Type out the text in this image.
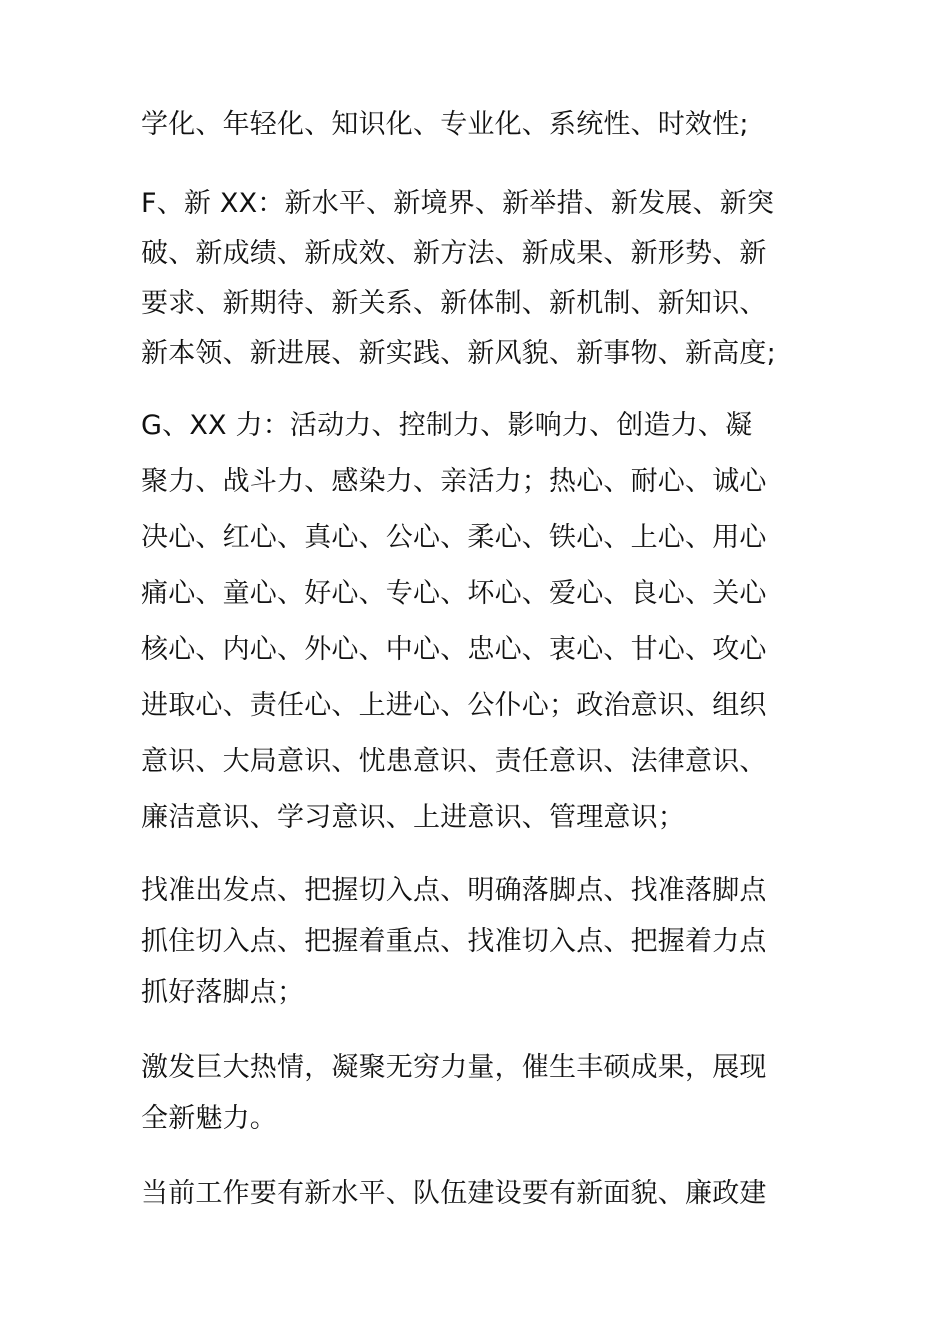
学化、年轻化、知识化、专业化、系统性、时效性;
F、新 XX：新水平、新境界、新举措、新发展、新突
破、新成绩、新成效、新方法、新成果、新形势、新
要求、新期待、新关系、新体制、新机制、新知识、
新本领、新进展、新实践、新风貌、新事物、新高度;
G、XX 力：活动力、控制力、影响力、创造力、凝
聚力、战斗力、感染力、亲活力；热心、耐心、诚心
决心、红心、真心、公心、柔心、铁心、上心、用心
痛心、童心、好心、专心、坏心、爱心、良心、关心
核心、内心、外心、中心、忠心、衷心、甘心、攻心
进取心、责任心、上进心、公仆心；政治意识、组织
意识、大局意识、忧患意识、责任意识、法律意识、
廉洁意识、学习意识、上进意识、管理意识；
找准出发点、把握切入点、明确落脚点、找准落脚点
抓住切入点、把握着重点、找准切入点、把握着力点
抓好落脚点；
激发巨大热情，凝聚无穷力量，催生丰硕成果，展现
全新魅力。
当前工作要有新水平、队伍建设要有新面貌、廉政建
